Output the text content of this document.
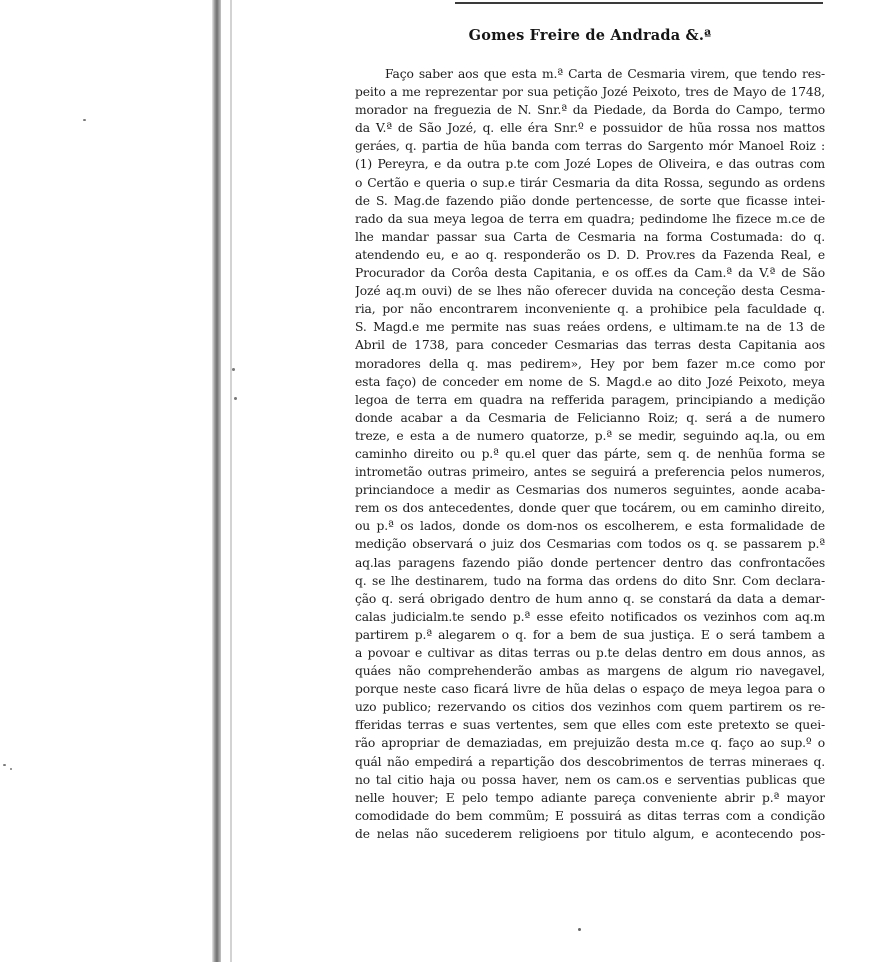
Gomes Freire de Andrada &.ª
Faço saber aos que esta m.ª Carta de Cesmaria virem, que tendo res-
peito a me reprezentar por sua petição Jozé Peixoto, tres de Mayo de 1748,
morador na freguezia de N. Snr.ª da Piedade, da Borda do Campo, termo
da V.ª de São Jozé, q. elle éra Snr.º e possuidor de hũa rossa nos mattos
geráes, q. partia de hũa banda com terras do Sargento mór Manoel Roiz :
(1) Pereyra, e da outra p.te com Jozé Lopes de Oliveira, e das outras com
o Certão e queria o sup.e tirár Cesmaria da dita Rossa, segundo as ordens
de S. Mag.de fazendo pião donde pertencesse, de sorte que ficasse intei-
rado da sua meya legoa de terra em quadra; pedindome lhe fizece m.ce de
lhe mandar passar sua Carta de Cesmaria na forma Costumada: do q.
atendendo eu, e ao q. responderão os D. D. Prov.res da Fazenda Real, e
Procurador da Corôa desta Capitania, e os off.es da Cam.ª da V.ª de São
Jozé aq.m ouvi) de se lhes não oferecer duvida na conceção desta Cesma-
ria, por não encontrarem inconveniente q. a prohibice pela faculdade q.
S. Magd.e me permite nas suas reáes ordens, e ultimam.te na de 13 de
Abril de 1738, para conceder Cesmarias das terras desta Capitania aos
moradores della q. mas pedirem», Hey por bem fazer m.ce como por
esta faço) de conceder em nome de S. Magd.e ao dito Jozé Peixoto, meya
legoa de terra em quadra na refferida paragem, principiando a medição
donde acabar a da Cesmaria de Felicianno Roiz; q. será a de numero
treze, e esta a de numero quatorze, p.ª se medir, seguindo aq.la, ou em
caminho direito ou p.ª qu.el quer das párte, sem q. de nenhũa forma se
intrometão outras primeiro, antes se seguirá a preferencia pelos numeros,
princiandoce a medir as Cesmarias dos numeros seguintes, aonde acaba-
rem os dos antecedentes, donde quer que tocárem, ou em caminho direito,
ou p.ª os lados, donde os dom-nos os escolherem, e esta formalidade de
medição observará o juiz dos Cesmarias com todos os q. se passarem p.ª
aq.las paragens fazendo pião donde pertencer dentro das confrontacões
q. se lhe destinarem, tudo na forma das ordens do dito Snr. Com declara-
ção q. será obrigado dentro de hum anno q. se constará da data a demar-
calas judicialm.te sendo p.ª esse efeito notificados os vezinhos com aq.m
partirem p.ª alegarem o q. for a bem de sua justiça. E o será tambem a
a povoar e cultivar as ditas terras ou p.te delas dentro em dous annos, as
quáes não comprehenderão ambas as margens de algum rio navegavel,
porque neste caso ficará livre de hũa delas o espaço de meya legoa para o
uzo publico; rezervando os citios dos vezinhos com quem partirem os re-
fferidas terras e suas vertentes, sem que elles com este pretexto se quei-
rão apropriar de demaziadas, em prejuizão desta m.ce q. faço ao sup.º o
quál não empedirá a repartição dos descobrimentos de terras mineraes q.
no tal citio haja ou possa haver, nem os cam.os e serventias publicas que
nelle houver; E pelo tempo adiante pareça conveniente abrir p.ª mayor
comodidade do bem commũm; E possuirá as ditas terras com a condição
de nelas não sucederem religioens por titulo algum, e acontecendo pos-
